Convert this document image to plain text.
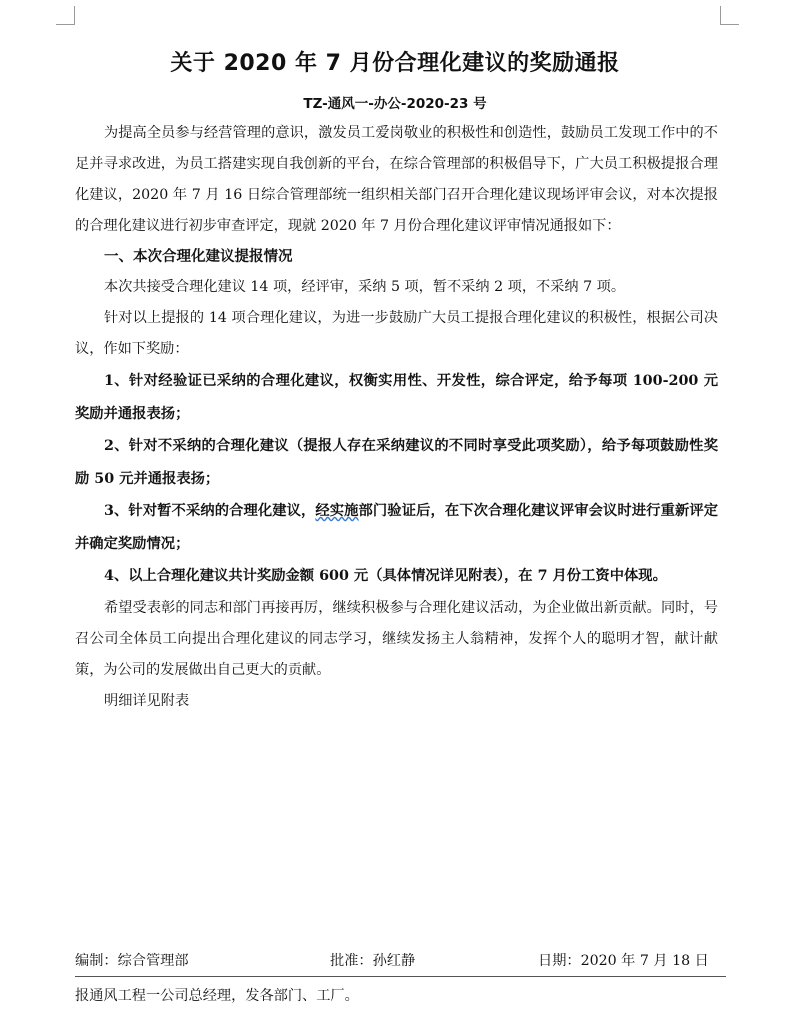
关于 2020 年 7 月份合理化建议的奖励通报
TZ-通风一-办公-2020-23 号

为提高全员参与经营管理的意识，激发员工爱岗敬业的积极性和创造性，鼓励员工发现工作中的不足并寻求改进，为员工搭建实现自我创新的平台，在综合管理部的积极倡导下，广大员工积极提报合理化建议，2020 年 7 月 16 日综合管理部统一组织相关部门召开合理化建议现场评审会议，对本次提报的合理化建议进行初步审查评定，现就 2020 年 7 月份合理化建议评审情况通报如下：

一、本次合理化建议提报情况

本次共接受合理化建议 14 项，经评审，采纳 5 项，暂不采纳 2 项，不采纳 7 项。

针对以上提报的 14 项合理化建议，为进一步鼓励广大员工提报合理化建议的积极性，根据公司决议，作如下奖励：

1、针对经验证已采纳的合理化建议，权衡实用性、开发性，综合评定，给予每项 100-200 元奖励并通报表扬；

2、针对不采纳的合理化建议（提报人存在采纳建议的不同时享受此项奖励），给予每项鼓励性奖励 50 元并通报表扬；

3、针对暂不采纳的合理化建议，经实施部门验证后，在下次合理化建议评审会议时进行重新评定并确定奖励情况；

4、以上合理化建议共计奖励金额 600 元（具体情况详见附表），在 7 月份工资中体现。

希望受表彰的同志和部门再接再厉，继续积极参与合理化建议活动，为企业做出新贡献。同时，号召公司全体员工向提出合理化建议的同志学习，继续发扬主人翁精神，发挥个人的聪明才智，献计献策，为公司的发展做出自己更大的贡献。

明细详见附表

编制：综合管理部	批准：孙红静	日期：2020 年 7 月 18 日
报通风工程一公司总经理，发各部门、工厂。
